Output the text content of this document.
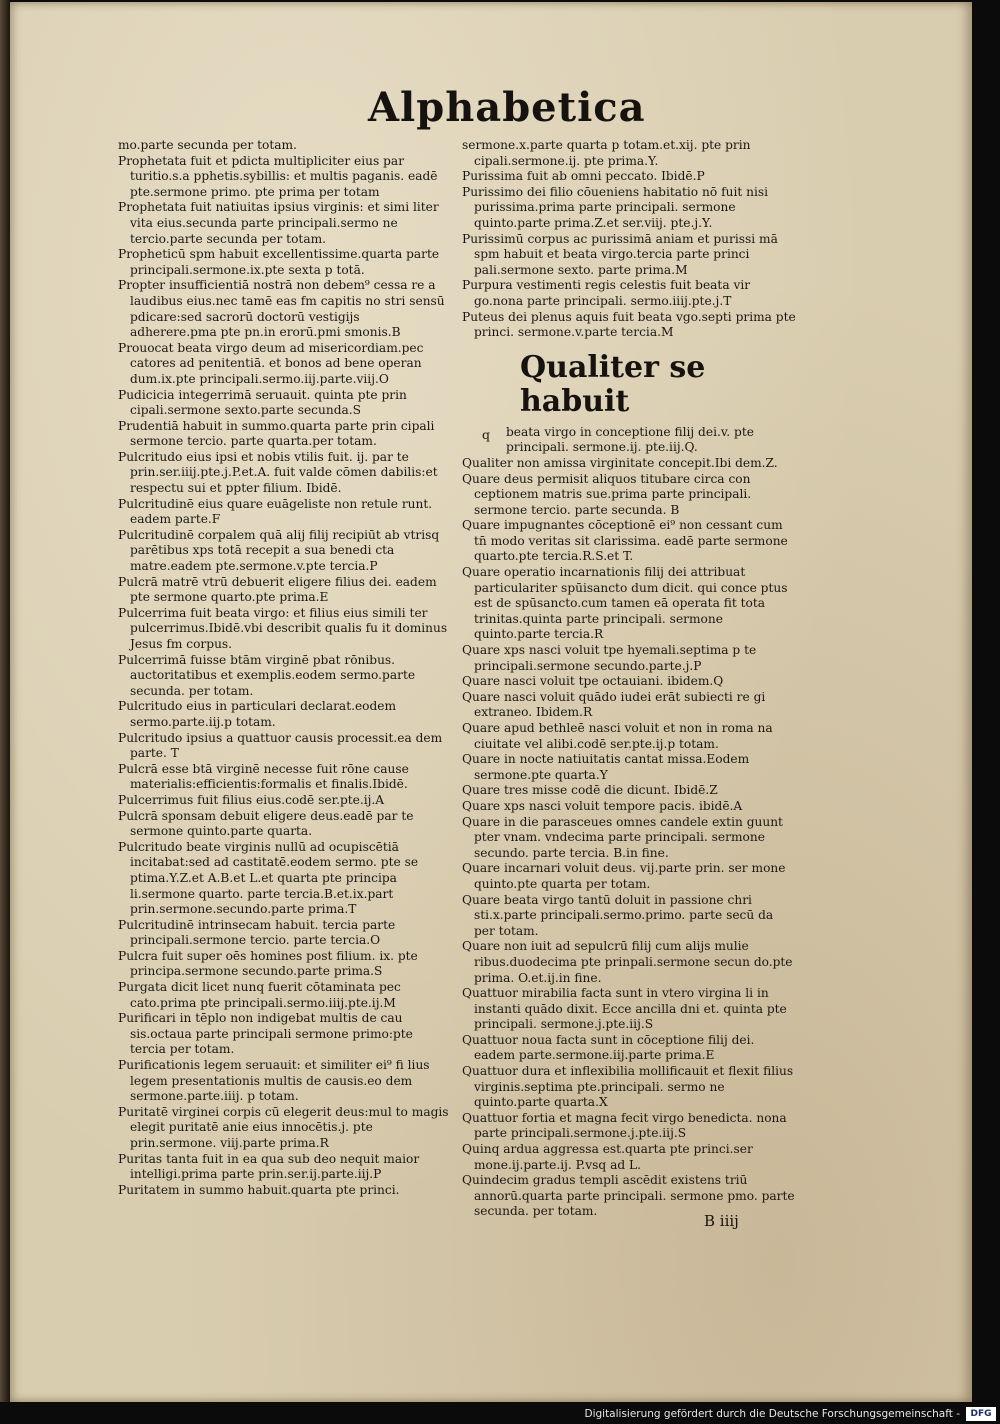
Alphabetica

mo.parte secunda per totam.

Prophetata fuit et pdicta multipliciter eius par turitio.s.a pphetis.sybillis: et multis paganis. eadē pte.sermone primo. pte prima per totam

Prophetata fuit natiuitas ipsius virginis: et simi liter vita eius.secunda parte principali.sermo ne tercio.parte secunda per totam.

Propheticū spm habuit excellentissime.quarta parte principali.sermone.ix.pte sexta p totā.

Propter insufficientiā nostrā non debem⁹ cessa re a laudibus eius.nec tamē eas fm capitis no stri sensū pdicare:sed sacrorū doctorū vestigijs adherere.pma pte pn.in erorū.pmi smonis.B

Prouocat beata virgo deum ad misericordiam.pec catores ad penitentiā. et bonos ad bene operan dum.ix.pte principali.sermo.iij.parte.viij.O

Pudicicia integerrimā seruauit. quinta pte prin cipali.sermone sexto.parte secunda.S

Prudentiā habuit in summo.quarta parte prin cipali sermone tercio. parte quarta.per totam.

Pulcritudo eius ipsi et nobis vtilis fuit. ij. par te prin.ser.iiij.pte.j.P.et.A. fuit valde cōmen dabilis:et respectu sui et ppter filium. Ibidē.

Pulcritudinē eius quare euāgeliste non retule runt. eadem parte.F

Pulcritudinē corpalem quā alij filij recipiūt ab vtrisq parētibus xps totā recepit a sua benedi cta matre.eadem pte.sermone.v.pte tercia.P

Pulcrā matrē vtrū debuerit eligere filius dei. eadem pte sermone quarto.pte prima.E

Pulcerrima fuit beata virgo: et filius eius simili ter pulcerrimus.Ibidē.vbi describit qualis fu it dominus Jesus fm corpus.

Pulcerrimā fuisse btām virginē pbat rōnibus. auctoritatibus et exemplis.eodem sermo.parte secunda. per totam.

Pulcritudo eius in particulari declarat.eodem sermo.parte.iij.p totam.

Pulcritudo ipsius a quattuor causis processit.ea dem parte. T

Pulcrā esse btā virginē necesse fuit rōne cause materialis:efficientis:formalis et finalis.Ibidē.

Pulcerrimus fuit filius eius.codē ser.pte.ij.A

Pulcrā sponsam debuit eligere deus.eadē par te sermone quinto.parte quarta.

Pulcritudo beate virginis nullū ad ocupiscētiā incitabat:sed ad castitatē.eodem sermo. pte se ptima.Y.Z.et A.B.et L.et quarta pte principa li.sermone quarto. parte tercia.B.et.ix.part prin.sermone.secundo.parte prima.T

Pulcritudinē intrinsecam habuit. tercia parte principali.sermone tercio. parte tercia.O

Pulcra fuit super oēs homines post filium. ix. pte principa.sermone secundo.parte prima.S

Purgata dicit licet nunq fuerit cōtaminata pec cato.prima pte principali.sermo.iiij.pte.ij.M

Purificari in tēplo non indigebat multis de cau sis.octaua parte principali sermone primo:pte tercia per totam.

Purificationis legem seruauit: et similiter ei⁹ fi lius legem presentationis multis de causis.eo dem sermone.parte.iiij. p totam.

Puritatē virginei corpis cū elegerit deus:mul to magis elegit puritatē anie eius innocētis.j. pte prin.sermone. viij.parte prima.R

Puritas tanta fuit in ea qua sub deo nequit maior intelligi.prima parte prin.ser.ij.parte.iij.P

Puritatem in summo habuit.quarta pte princi.

sermone.x.parte quarta p totam.et.xij. pte prin cipali.sermone.ij. pte prima.Y.

Purissima fuit ab omni peccato. Ibidē.P

Purissimo dei filio cōueniens habitatio nō fuit nisi purissima.prima parte principali. sermone quinto.parte prima.Z.et ser.viij. pte.j.Y.

Purissimū corpus ac purissimā aniam et purissi mā spm habuit et beata virgo.tercia parte princi pali.sermone sexto. parte prima.M

Purpura vestimenti regis celestis fuit beata vir go.nona parte principali. sermo.iiij.pte.j.T

Puteus dei plenus aquis fuit beata vgo.septi prima pte princi. sermone.v.parte tercia.M

Qualiter se habuit

q	beata virgo in conceptione filij dei.v. pte principali. sermone.ij. pte.iij.Q.

Qualiter non amissa virginitate concepit.Ibi dem.Z.

Quare deus permisit aliquos titubare circa con ceptionem matris sue.prima parte principali. sermone tercio. parte secunda. B

Quare impugnantes cōceptionē ei⁹ non cessant cum tn̄ modo veritas sit clarissima. eadē parte sermone quarto.pte tercia.R.S.et T.

Quare operatio incarnationis filij dei attribuat particulariter spūisancto dum dicit. qui conce ptus est de spūsancto.cum tamen eā operata fit tota trinitas.quinta parte principali. sermone quinto.parte tercia.R

Quare xps nasci voluit tpe hyemali.septima p te principali.sermone secundo.parte.j.P

Quare nasci voluit tpe octauiani. ibidem.Q

Quare nasci voluit quādo iudei erāt subiecti re gi extraneo. Ibidem.R

Quare apud bethleē nasci voluit et non in roma na ciuitate vel alibi.codē ser.pte.ij.p totam.

Quare in nocte natiuitatis cantat missa.Eodem sermone.pte quarta.Y

Quare tres misse codē die dicunt. Ibidē.Z

Quare xps nasci voluit tempore pacis. ibidē.A

Quare in die parasceues omnes candele extin guunt pter vnam. vndecima parte principali. sermone secundo. parte tercia. B.in fine.

Quare incarnari voluit deus. vij.parte prin. ser mone quinto.pte quarta per totam.

Quare beata virgo tantū doluit in passione chri sti.x.parte principali.sermo.primo. parte secū da per totam.

Quare non iuit ad sepulcrū filij cum alijs mulie ribus.duodecima pte prinpali.sermone secun do.pte prima. O.et.ij.in fine.

Quattuor mirabilia facta sunt in vtero virgina li in instanti quādo dixit. Ecce ancilla dni et. quinta pte principali. sermone.j.pte.iij.S

Quattuor noua facta sunt in cōceptione filij dei. eadem parte.sermone.iij.parte prima.E

Quattuor dura et inflexibilia mollificauit et flexit filius virginis.septima pte.principali. sermo ne quinto.parte quarta.X

Quattuor fortia et magna fecit virgo benedicta. nona parte principali.sermone.j.pte.iij.S

Quinq ardua aggressa est.quarta pte princi.ser mone.ij.parte.ij. P.vsq ad L.

Quindecim gradus templi ascēdit existens triū annorū.quarta parte principali. sermone pmo. parte secunda. per totam.

B iiij
Digitalisierung gefördert durch die Deutsche Forschungsgemeinschaft -	DFG
